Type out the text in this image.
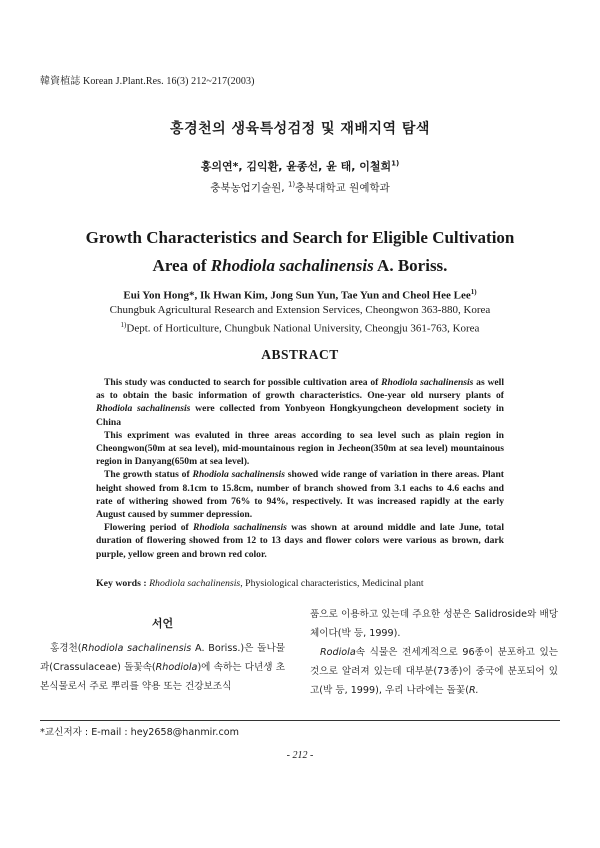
韓資植誌 Korean J.Plant.Res. 16(3) 212~217(2003)
홍경천의 생육특성검정 및 재배지역 탐색
홍의연*, 김익환, 윤종선, 윤 태, 이철희$^{1)}$
충북농업기술원, $^{1)}$충북대학교 원예학과
Growth Characteristics and Search for Eligible Cultivation
Area of Rhodiola sachalinensis A. Boriss.
Eui Yon Hong*, Ik Hwan Kim, Jong Sun Yun, Tae Yun and Cheol Hee Lee$^{1)}$
Chungbuk Agricultural Research and Extension Services, Cheongwon 363-880, Korea
$^{1)}$Dept. of Horticulture, Chungbuk National University, Cheongju 361-763, Korea
ABSTRACT

This study was conducted to search for possible cultivation area of Rhodiola sachalinensis as well as to obtain the basic information of growth characteristics. One-year old nursery plants of Rhodiola sachalinensis were collected from Yonbyeon Hongkyungcheon development society in China

This expriment was evaluted in three areas according to sea level such as plain region in Cheongwon(50m at sea level), mid-mountainous region in Jecheon(350m at sea level) mountainous region in Danyang(650m at sea level).

The growth status of Rhodiola sachalinensis showed wide range of variation in there areas. Plant height showed from 8.1cm to 15.8cm, number of branch showed from 3.1 eachs to 4.6 eachs and rate of withering showed from 76% to 94%, respectively. It was increased rapidly at the early August caused by summer depression.

Flowering period of Rhodiola sachalinensis was shown at around middle and late June, total duration of flowering showed from 12 to 13 days and flower colors were various as brown, dark purple, yellow green and brown red color.

Key words : Rhodiola sachalinensis, Physiological characteristics, Medicinal plant
서언

홍경천(Rhodiola sachalinensis A. Boriss.)은 돌나물과(Crassulaceae) 돌꽃속(Rhodiola)에 속하는 다년생 초본식물로서 주로 뿌리를 약용 또는 건강보조식

품으로 이용하고 있는데 주요한 성분은 Salidroside와 배당체이다(박 등, 1999).

Rodiola속 식물은 전세계적으로 96종이 분포하고 있는 것으로 알려져 있는데 대부분(73종)이 중국에 분포되어 있고(박 등, 1999), 우리 나라에는 돌꽃(R.

*교신저자 : E-mail : hey2658@hanmir.com
- 212 -
